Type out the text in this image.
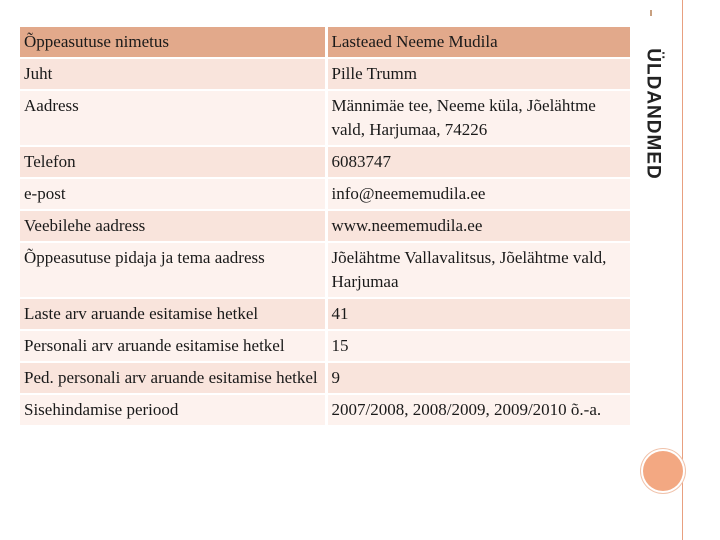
ÜLDANDMED
Õppeasutuse nimetus	Lasteaed Neeme Mudila
Juht	Pille Trumm
Aadress	Männimäe tee, Neeme küla, Jõelähtme vald, Harjumaa, 74226
Telefon	6083747
e-post	info@neememudila.ee
Veebilehe aadress	www.neememudila.ee
Õppeasutuse pidaja ja tema aadress	Jõelähtme Vallavalitsus, Jõelähtme vald, Harjumaa
Laste arv aruande esitamise hetkel	41
Personali arv aruande esitamise hetkel	15
Ped. personali arv aruande esitamise hetkel	9
Sisehindamise periood	2007/2008, 2008/2009, 2009/2010 õ.-a.
